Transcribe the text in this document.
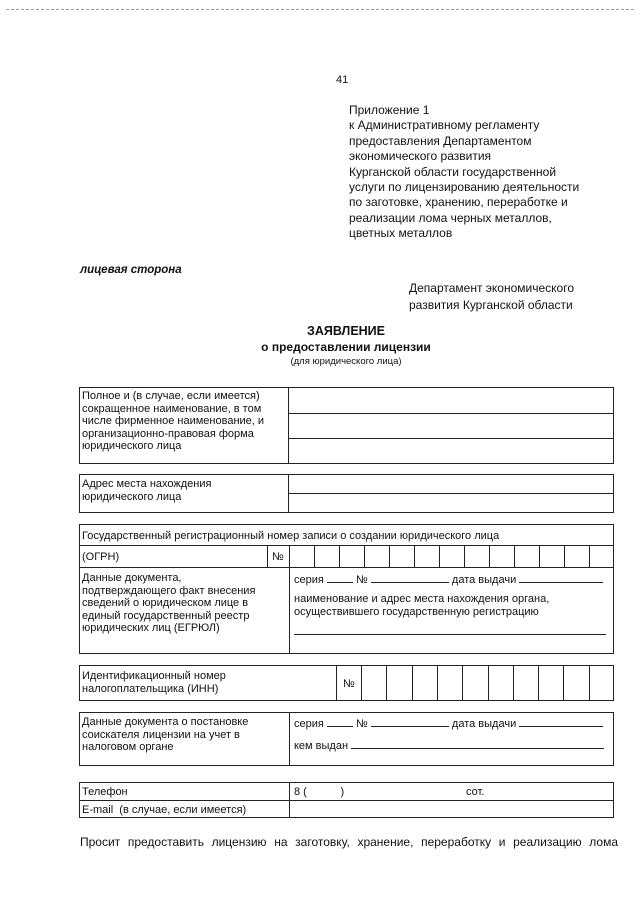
41
Приложение 1
к Административному регламенту
предоставления Департаментом
экономического развития
Курганской области государственной
услуги по лицензированию деятельности
по заготовке, хранению, переработке и
реализации лома черных металлов,
цветных металлов
лицевая сторона
Департамент экономического
развития Курганской области
ЗАЯВЛЕНИЕ
о предоставлении лицензии
(для юридического лица)
Полное и (в случае, если имеется)
сокращенное наименование, в том
числе фирменное наименование, и
организационно-правовая форма
юридического лица
Адрес места нахождения
юридического лица
Государственный регистрационный номер записи о создании юридического лица
(ОГРН)	№
Данные документа,
подтверждающего факт внесения
сведений о юридическом лице в
единый государственный реестр
юридических лиц (ЕГРЮЛ)
серия	№	дата выдачи
наименование и адрес места нахождения органа,
осуществившего государственную регистрацию
Идентификационный номер
налогоплательщика (ИНН)	№
Данные документа о постановке
соискателя лицензии на учет в
налоговом органе
серия	№	дата выдачи
кем выдан
Телефон	8 (           )	сот.
E-mail  (в случае, если имеется)
Просит предоставить лицензию на заготовку, хранение, переработку и реализацию лома
